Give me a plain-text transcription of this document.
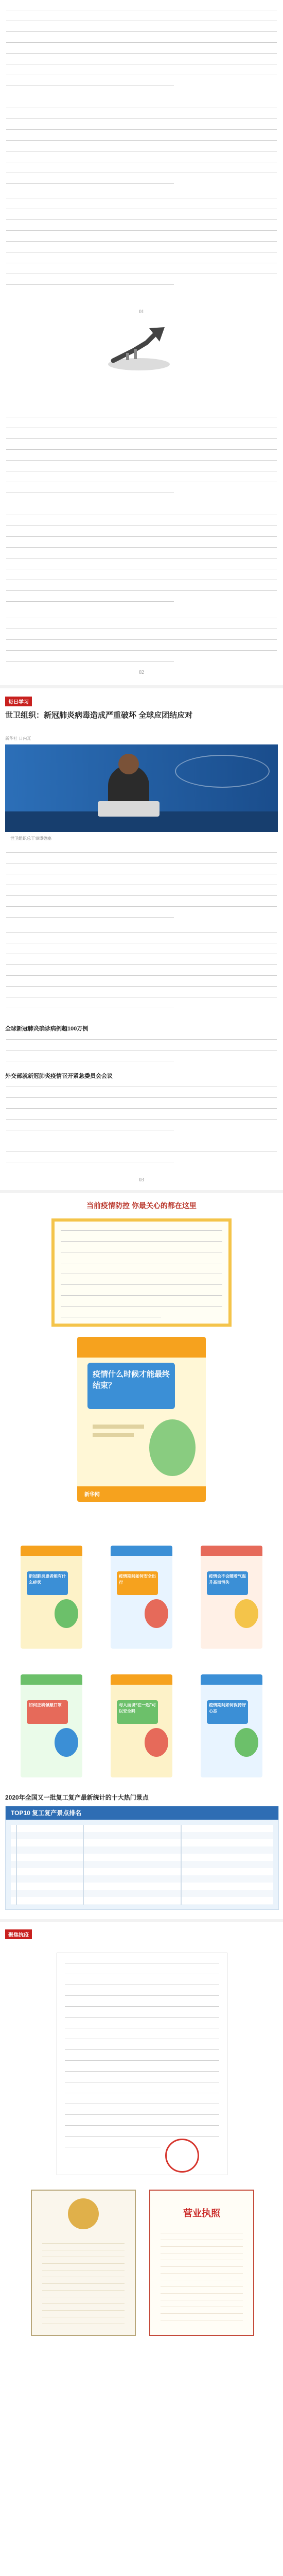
01
02
每日学习
世卫组织：新冠肺炎病毒造成严重破坏 全球应团结应对
新华社 日内瓦
世卫组织总干事谭德塞
全球新冠肺炎确诊病例超100万例
外交部就新冠肺炎疫情召开紧急委员会会议
03
当前疫情防控 你最关心的都在这里
疫情什么时候才能最终结束？
新华网
新冠肺炎患者能有什么症状
疫情期间如何安全出行
疫情会不会随着气温升高而消失
如何正确佩戴口罩	与人面谈“在一起”可以安全吗
疫情期间如何保持好心态
2020年全国又一批复工复产最新统计的十大热门景点
TOP10 复工复产景点排名
聚焦抗疫
营业执照
